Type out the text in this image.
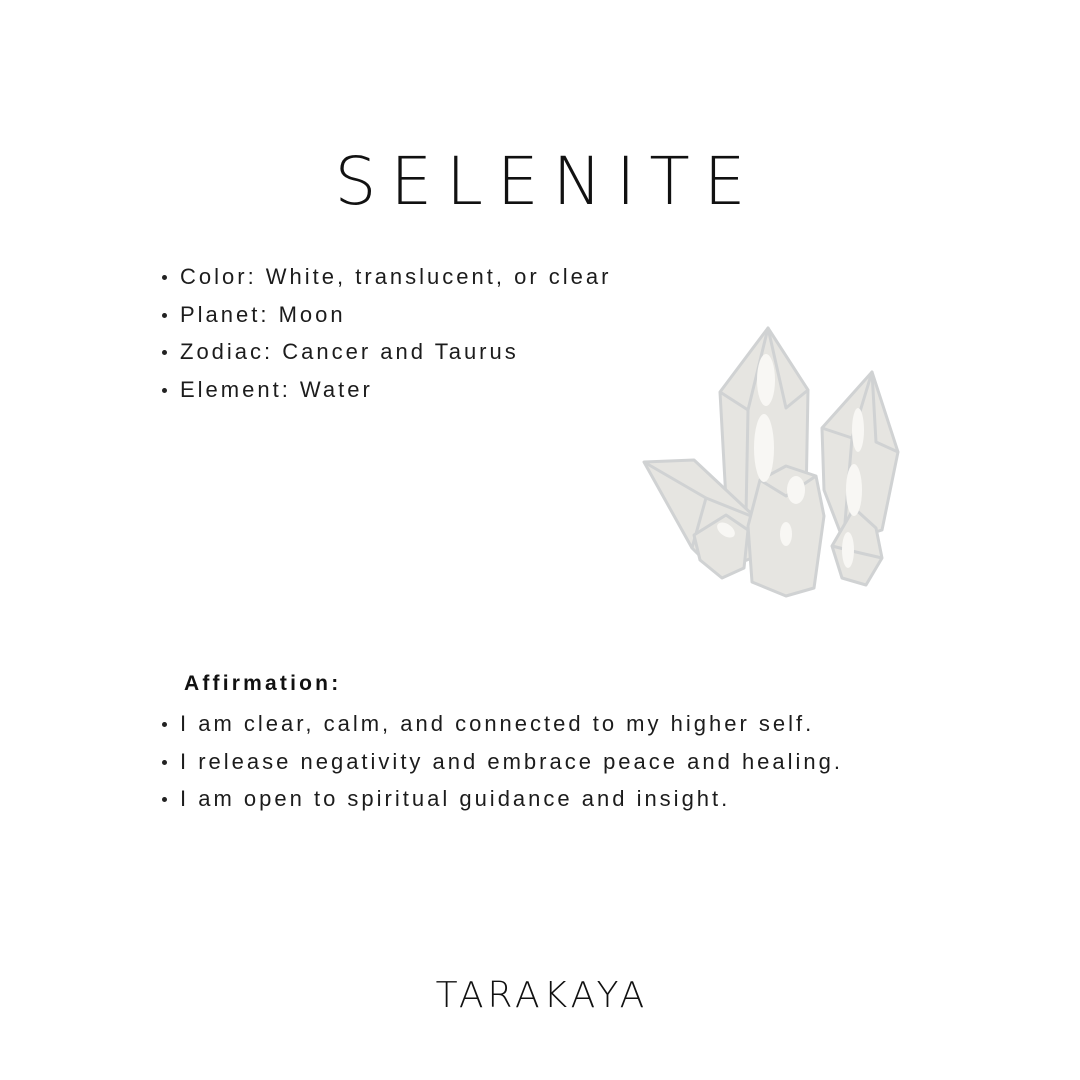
SELENITE
Color: White, translucent, or clear
Planet: Moon
Zodiac: Cancer and Taurus
Element: Water
Affirmation:
I am clear, calm, and connected to my higher self.
I release negativity and embrace peace and healing.
I am open to spiritual guidance and insight.
TARAKAYA
